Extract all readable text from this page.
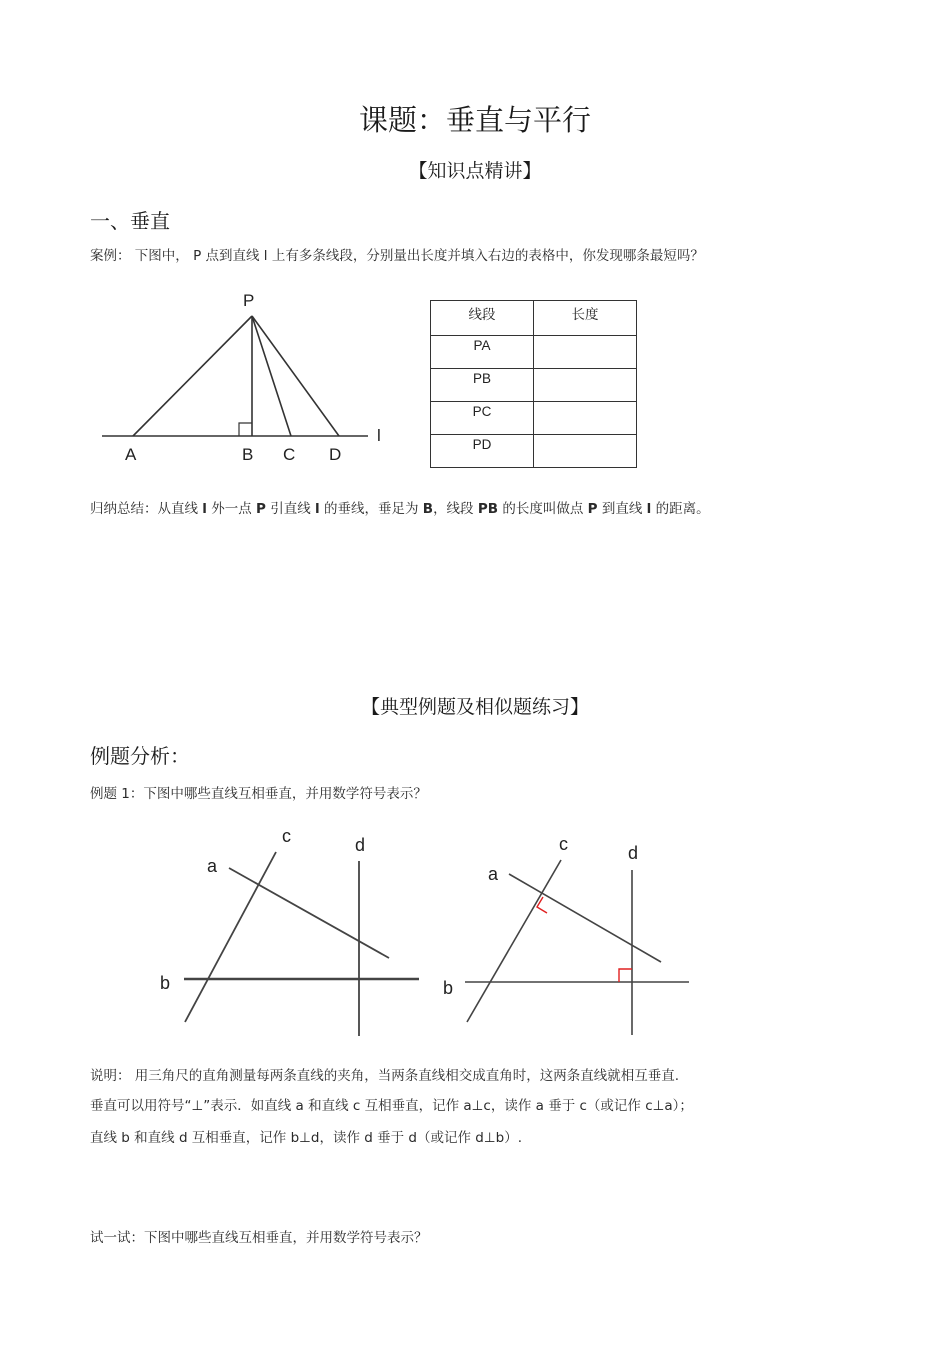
课题：垂直与平行
【知识点精讲】
一、垂直
案例： 下图中， P 点到直线 l 上有多条线段，分别量出长度并填入右边的表格中，你发现哪条最短吗？
P
A	B C D
l
线段	长度
PA	
PB	
PC	
PD	
归纳总结：从直线 l 外一点 P 引直线 l 的垂线，垂足为 B，线段 PB 的长度叫做点 P 到直线 l 的距离。
【典型例题及相似题练习】
例题分析：
例题 1：下图中哪些直线互相垂直，并用数学符号表示？
c	d
a
b
c	d
a
b
说明： 用三角尺的直角测量每两条直线的夹角，当两条直线相交成直角时，这两条直线就相互垂直.
垂直可以用符号“⊥”表示．如直线 a 和直线 c 互相垂直，记作 a⊥c，读作 a 垂于 c（或记作 c⊥a）；
直线 b 和直线 d 互相垂直，记作 b⊥d，读作 d 垂于 d（或记作 d⊥b）.
试一试：下图中哪些直线互相垂直，并用数学符号表示？
